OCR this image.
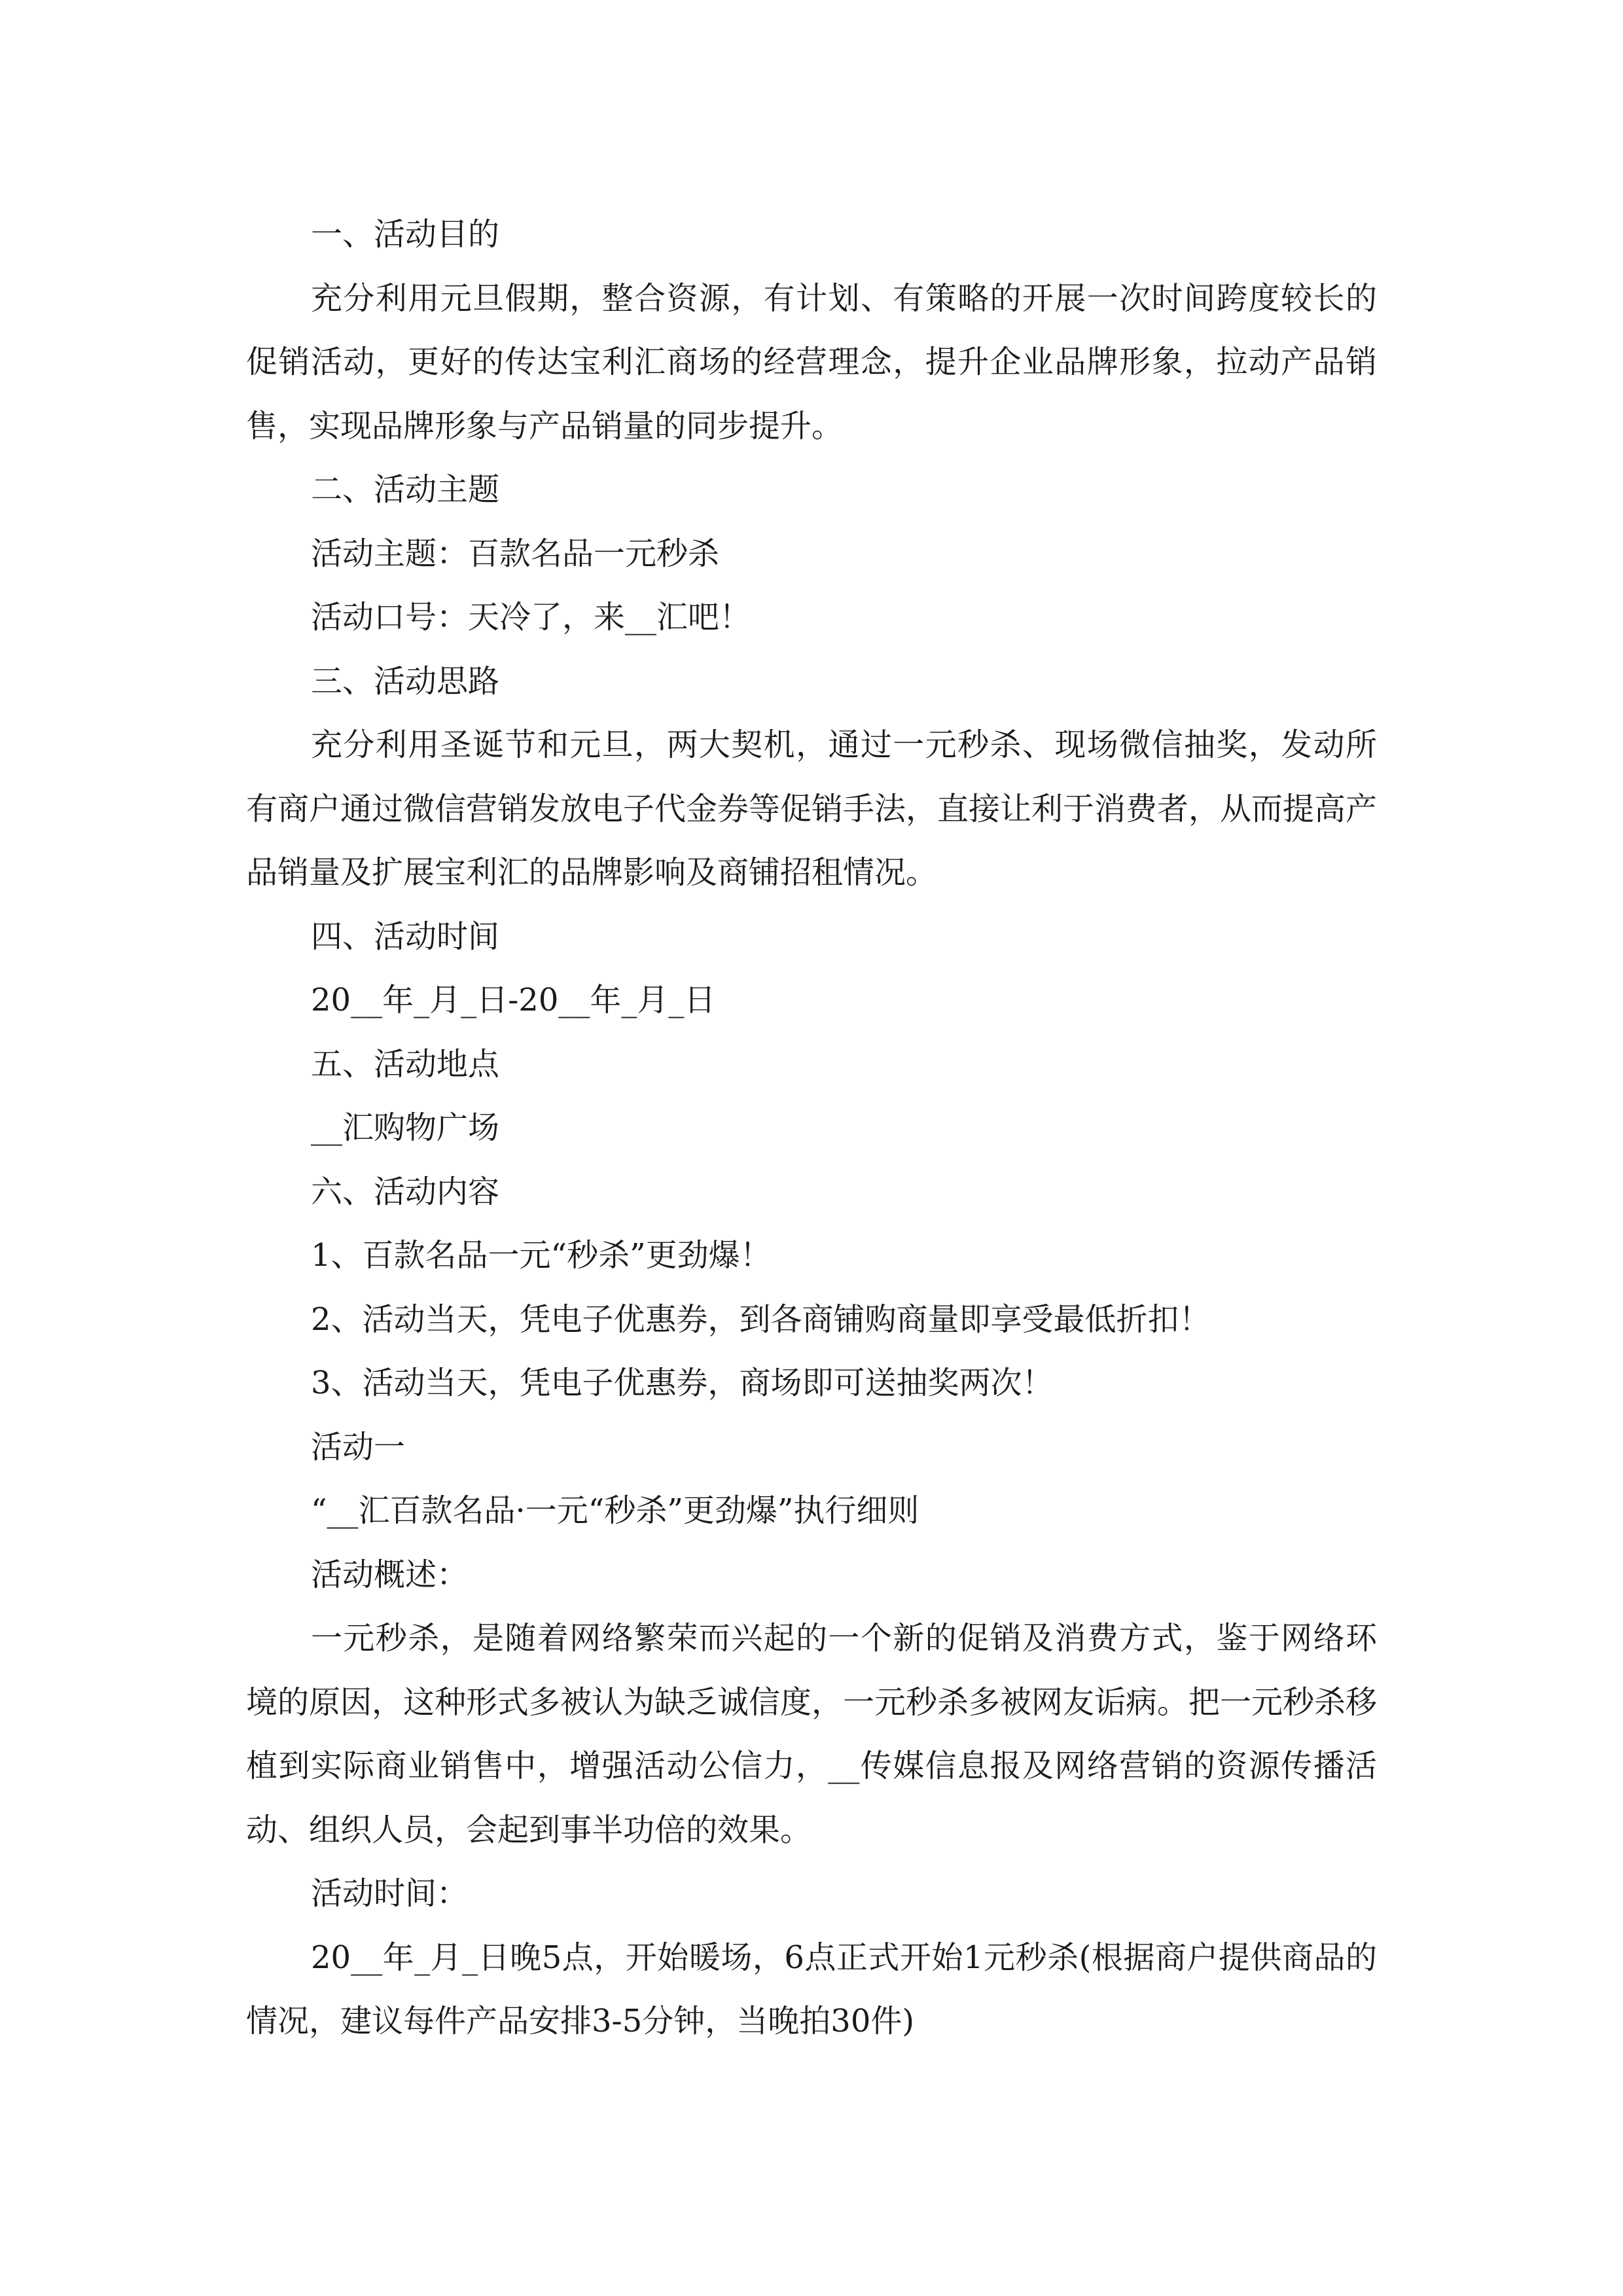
一、活动目的

充分利用元旦假期，整合资源，有计划、有策略的开展一次时间跨度较长的促销活动，更好的传达宝利汇商场的经营理念，提升企业品牌形象，拉动产品销售，实现品牌形象与产品销量的同步提升。

二、活动主题

活动主题：百款名品一元秒杀

活动口号：天冷了，来__汇吧！

三、活动思路

充分利用圣诞节和元旦，两大契机，通过一元秒杀、现场微信抽奖，发动所有商户通过微信营销发放电子代金券等促销手法，直接让利于消费者，从而提高产品销量及扩展宝利汇的品牌影响及商铺招租情况。

四、活动时间

20__年_月_日-20__年_月_日

五、活动地点

__汇购物广场

六、活动内容

1、百款名品一元“秒杀”更劲爆！

2、活动当天，凭电子优惠券，到各商铺购商量即享受最低折扣！

3、活动当天，凭电子优惠券，商场即可送抽奖两次！

活动一

“__汇百款名品·一元“秒杀”更劲爆”执行细则

活动概述：

一元秒杀，是随着网络繁荣而兴起的一个新的促销及消费方式，鉴于网络环境的原因，这种形式多被认为缺乏诚信度，一元秒杀多被网友诟病。把一元秒杀移植到实际商业销售中，增强活动公信力，__传媒信息报及网络营销的资源传播活动、组织人员，会起到事半功倍的效果。

活动时间：

20__年_月_日晚5点，开始暖场，6点正式开始1元秒杀(根据商户提供商品的情况，建议每件产品安排3-5分钟，当晚拍30件)
